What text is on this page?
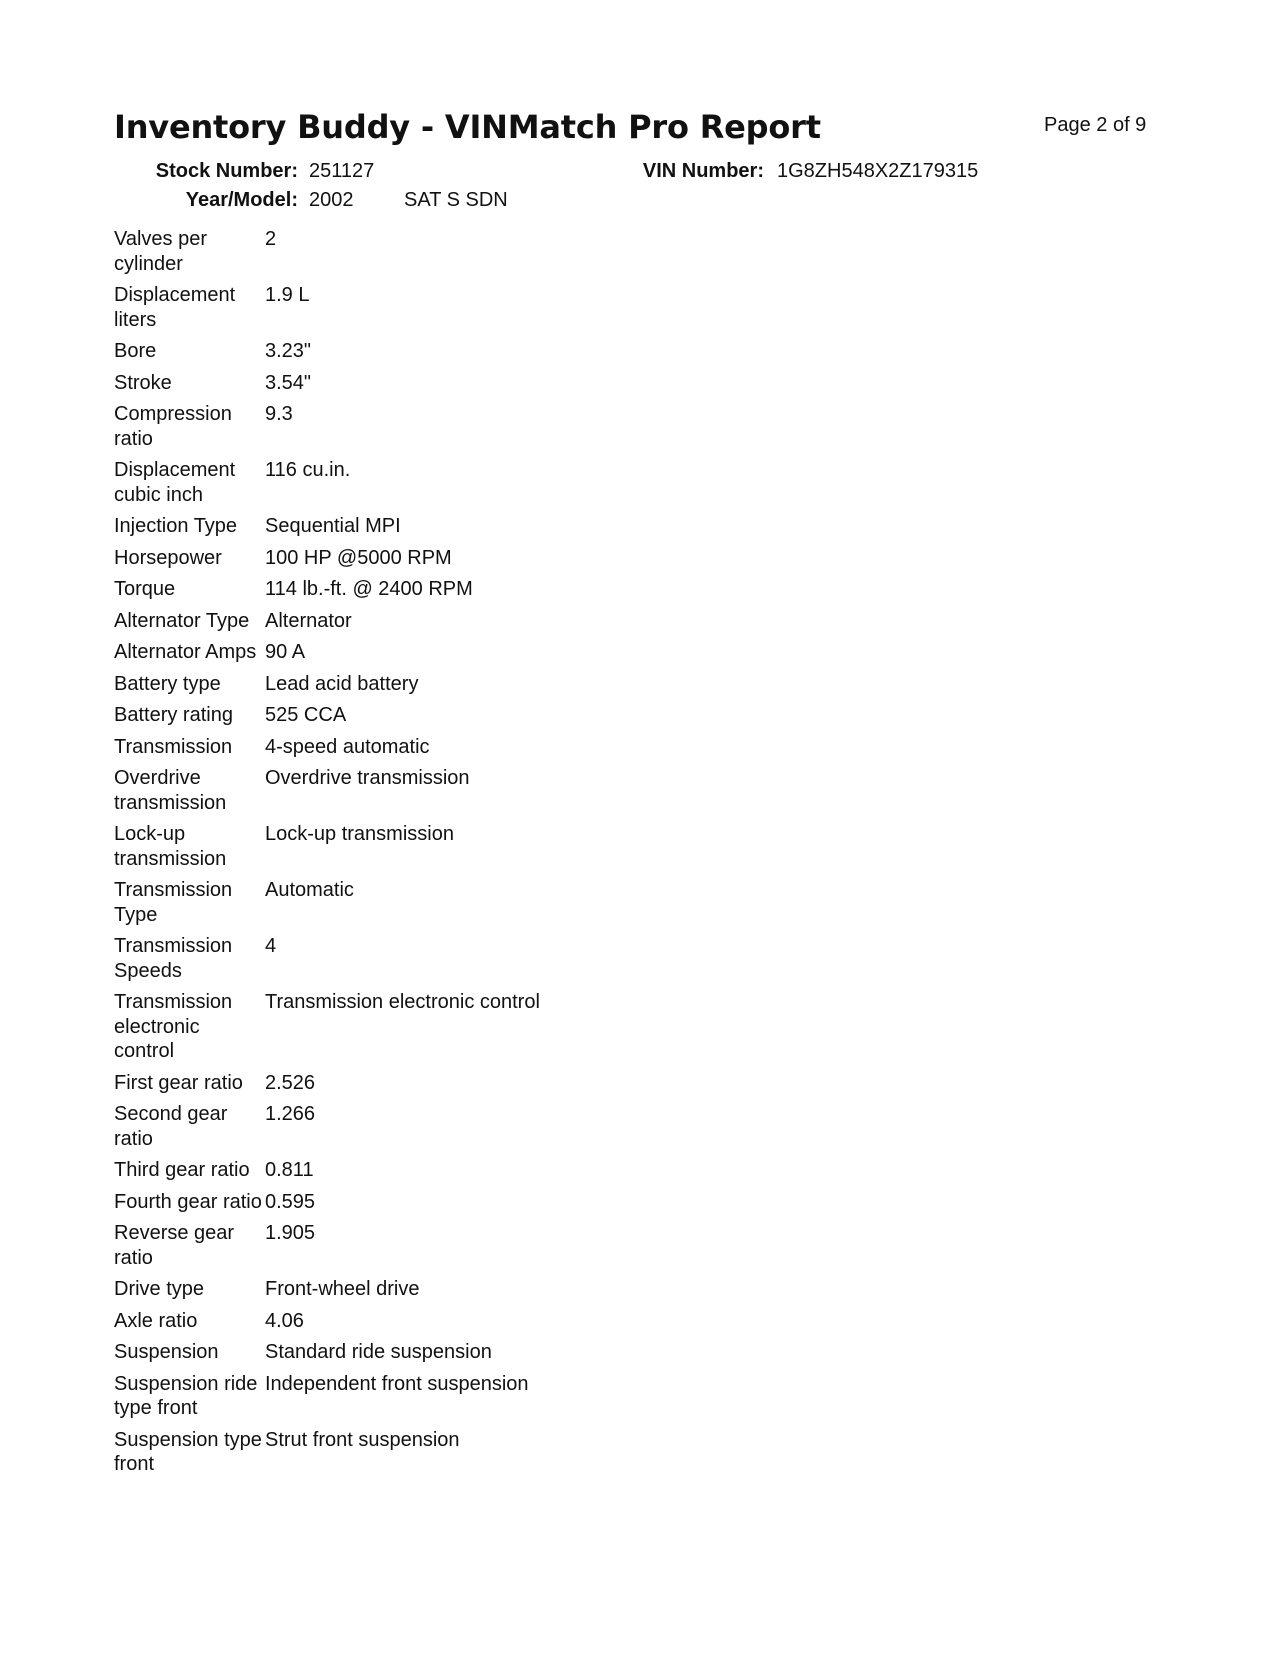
Inventory Buddy - VINMatch Pro Report	Page 2 of 9
Stock Number: 251127	VIN Number: 1G8ZH548X2Z179315
Year/Model: 2002	SAT S SDN
Valves per cylinder	2
Displacement liters	1.9 L
Bore	3.23"
Stroke	3.54"
Compression ratio	9.3
Displacement cubic inch	116 cu.in.
Injection Type	Sequential MPI
Horsepower	100 HP @5000 RPM
Torque	114 lb.-ft. @ 2400 RPM
Alternator Type	Alternator
Alternator Amps	90 A
Battery type	Lead acid battery
Battery rating	525 CCA
Transmission	4-speed automatic
Overdrive transmission	Overdrive transmission
Lock-up transmission	Lock-up transmission
Transmission Type	Automatic
Transmission Speeds	4
Transmission electronic control	Transmission electronic control
First gear ratio	2.526
Second gear ratio	1.266
Third gear ratio	0.811
Fourth gear ratio	0.595
Reverse gear ratio	1.905
Drive type	Front-wheel drive
Axle ratio	4.06
Suspension	Standard ride suspension
Suspension ride type front	Independent front suspension
Suspension type front	Strut front suspension
